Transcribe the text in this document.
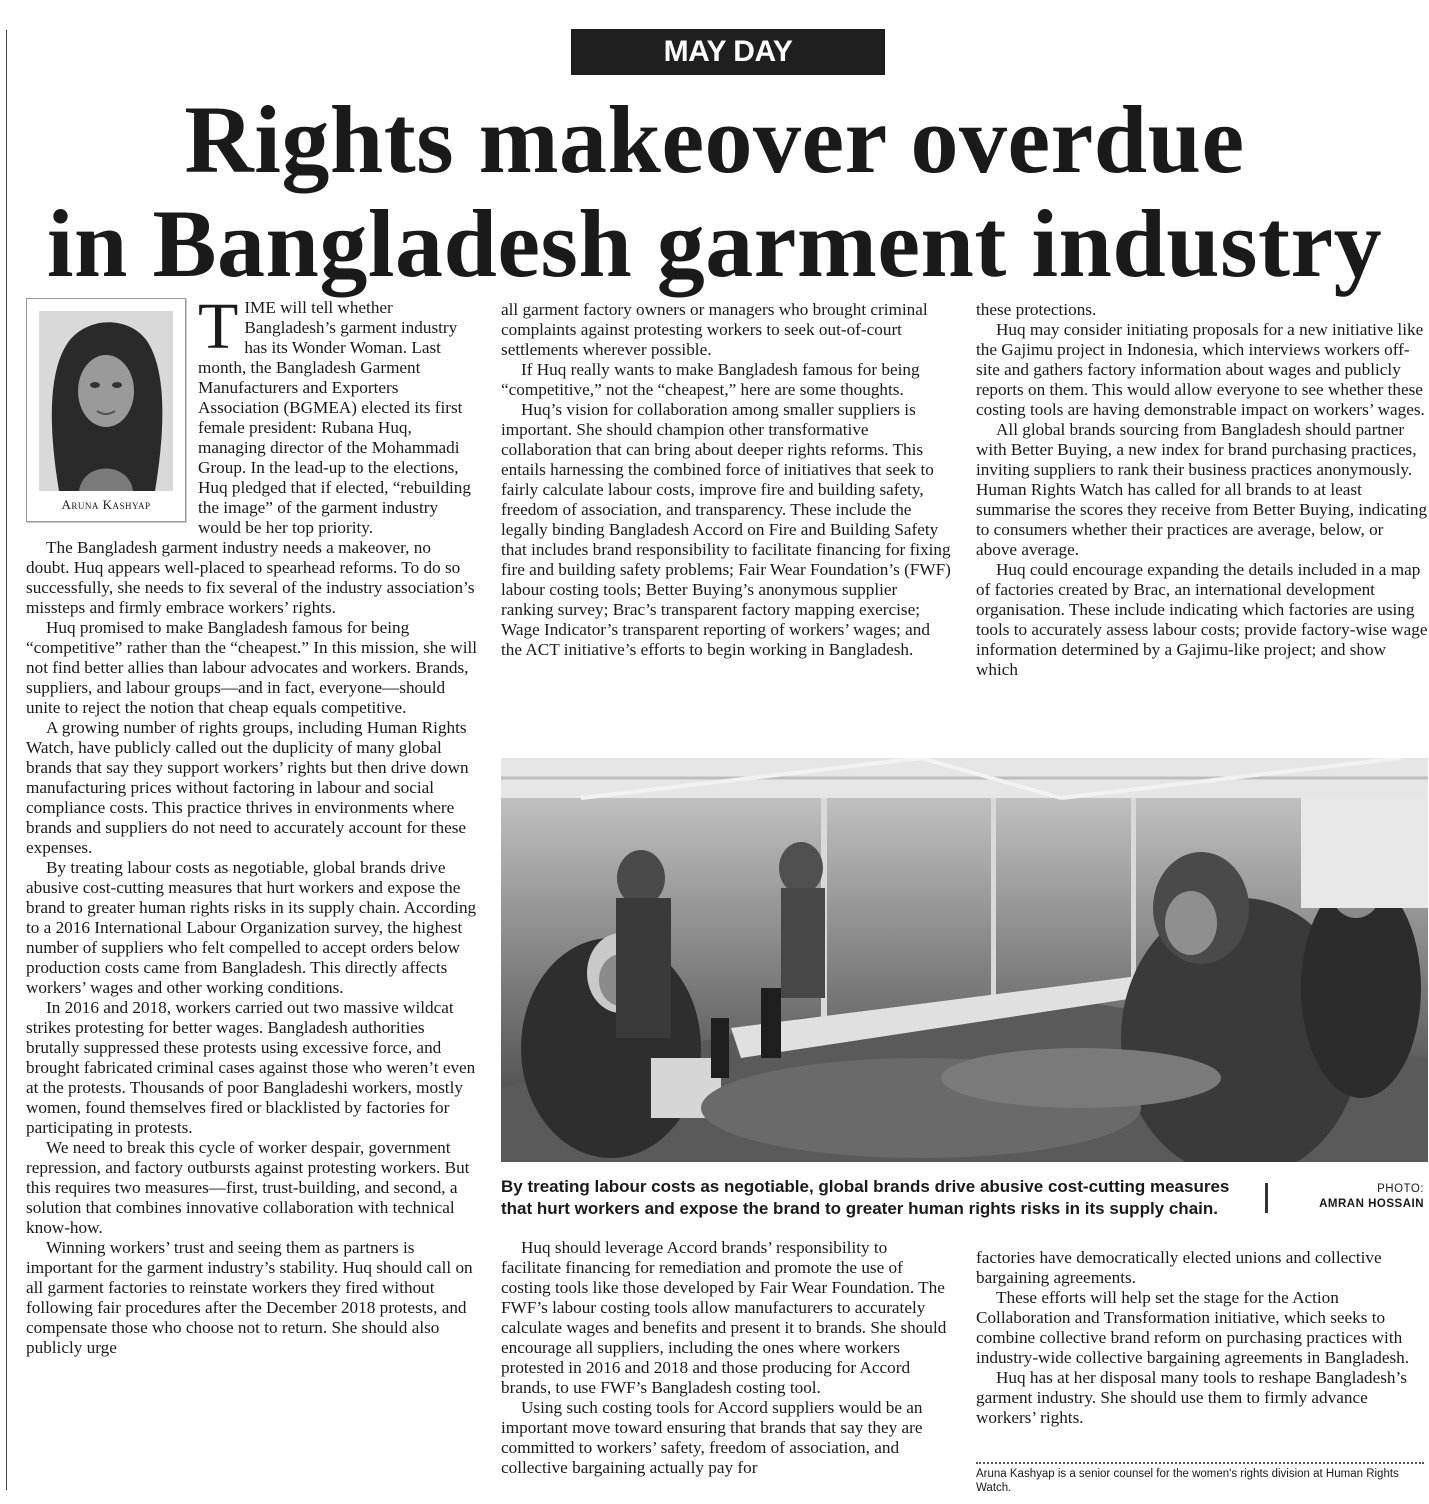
MAY DAY
Rights makeover overdue
in Bangladesh garment industry
Aruna Kashyap

TIME will tell whether Bangladesh’s garment industry has its Wonder Woman. Last month, the Bangladesh Garment Manufacturers and Exporters Association (BGMEA) elected its first female president: Rubana Huq, managing director of the Mohammadi Group. In the lead-up to the elections, Huq pledged that if elected, “rebuilding the image” of the garment industry would be her top priority.

The Bangladesh garment industry needs a makeover, no doubt. Huq appears well-placed to spearhead reforms. To do so successfully, she needs to fix several of the industry association’s missteps and firmly embrace workers’ rights.

Huq promised to make Bangladesh famous for being “competitive” rather than the “cheapest.” In this mission, she will not find better allies than labour advocates and workers. Brands, suppliers, and labour groups—and in fact, everyone—should unite to reject the notion that cheap equals competitive.

A growing number of rights groups, including Human Rights Watch, have publicly called out the duplicity of many global brands that say they support workers’ rights but then drive down manufacturing prices without factoring in labour and social compliance costs. This practice thrives in environments where brands and suppliers do not need to accurately account for these expenses.

By treating labour costs as negotiable, global brands drive abusive cost-cutting measures that hurt workers and expose the brand to greater human rights risks in its supply chain. According to a 2016 International Labour Organization survey, the highest number of suppliers who felt compelled to accept orders below production costs came from Bangladesh. This directly affects workers’ wages and other working conditions.

In 2016 and 2018, workers carried out two massive wildcat strikes protesting for better wages. Bangladesh authorities brutally suppressed these protests using excessive force, and brought fabricated criminal cases against those who weren’t even at the protests. Thousands of poor Bangladeshi workers, mostly women, found themselves fired or blacklisted by factories for participating in protests.

We need to break this cycle of worker despair, government repression, and factory outbursts against protesting workers. But this requires two measures—first, trust-building, and second, a solution that combines innovative collaboration with technical know-how.

Winning workers’ trust and seeing them as partners is important for the garment industry’s stability. Huq should call on all garment factories to reinstate workers they fired without following fair procedures after the December 2018 protests, and compensate those who choose not to return. She should also publicly urge

all garment factory owners or managers who brought criminal complaints against protesting workers to seek out-of-court settlements wherever possible.

If Huq really wants to make Bangladesh famous for being “competitive,” not the “cheapest,” here are some thoughts.

Huq’s vision for collaboration among smaller suppliers is important. She should champion other transformative collaboration that can bring about deeper rights reforms. This entails harnessing the combined force of initiatives that seek to fairly calculate labour costs, improve fire and building safety, freedom of association, and transparency. These include the legally binding Bangladesh Accord on Fire and Building Safety that includes brand responsibility to facilitate financing for fixing fire and building safety problems; Fair Wear Foundation’s (FWF) labour costing tools; Better Buying’s anonymous supplier ranking survey; Brac’s transparent factory mapping exercise; Wage Indicator’s transparent reporting of workers’ wages; and the ACT initiative’s efforts to begin working in Bangladesh.

these protections.

Huq may consider initiating proposals for a new initiative like the Gajimu project in Indonesia, which interviews workers off-site and gathers factory information about wages and publicly reports on them. This would allow everyone to see whether these costing tools are having demonstrable impact on workers’ wages.

All global brands sourcing from Bangladesh should partner with Better Buying, a new index for brand purchasing practices, inviting suppliers to rank their business practices anonymously. Human Rights Watch has called for all brands to at least summarise the scores they receive from Better Buying, indicating to consumers whether their practices are average, below, or above average.

Huq could encourage expanding the details included in a map of factories created by Brac, an international development organisation. These include indicating which factories are using tools to accurately assess labour costs; provide factory-wise wage information determined by a Gajimu-like project; and show which

By treating labour costs as negotiable, global brands drive abusive cost-cutting measures that hurt workers and expose the brand to greater human rights risks in its supply chain.
PHOTO:
AMRAN HOSSAIN

Huq should leverage Accord brands’ responsibility to facilitate financing for remediation and promote the use of costing tools like those developed by Fair Wear Foundation. The FWF’s labour costing tools allow manufacturers to accurately calculate wages and benefits and present it to brands. She should encourage all suppliers, including the ones where workers protested in 2016 and 2018 and those producing for Accord brands, to use FWF’s Bangladesh costing tool.

Using such costing tools for Accord suppliers would be an important move toward ensuring that brands that say they are committed to workers’ safety, freedom of association, and collective bargaining actually pay for

factories have democratically elected unions and collective bargaining agreements.

These efforts will help set the stage for the Action Collaboration and Transformation initiative, which seeks to combine collective brand reform on purchasing practices with industry-wide collective bargaining agreements in Bangladesh.

Huq has at her disposal many tools to reshape Bangladesh’s garment industry. She should use them to firmly advance workers’ rights.

Aruna Kashyap is a senior counsel for the women's rights division at Human Rights Watch.
